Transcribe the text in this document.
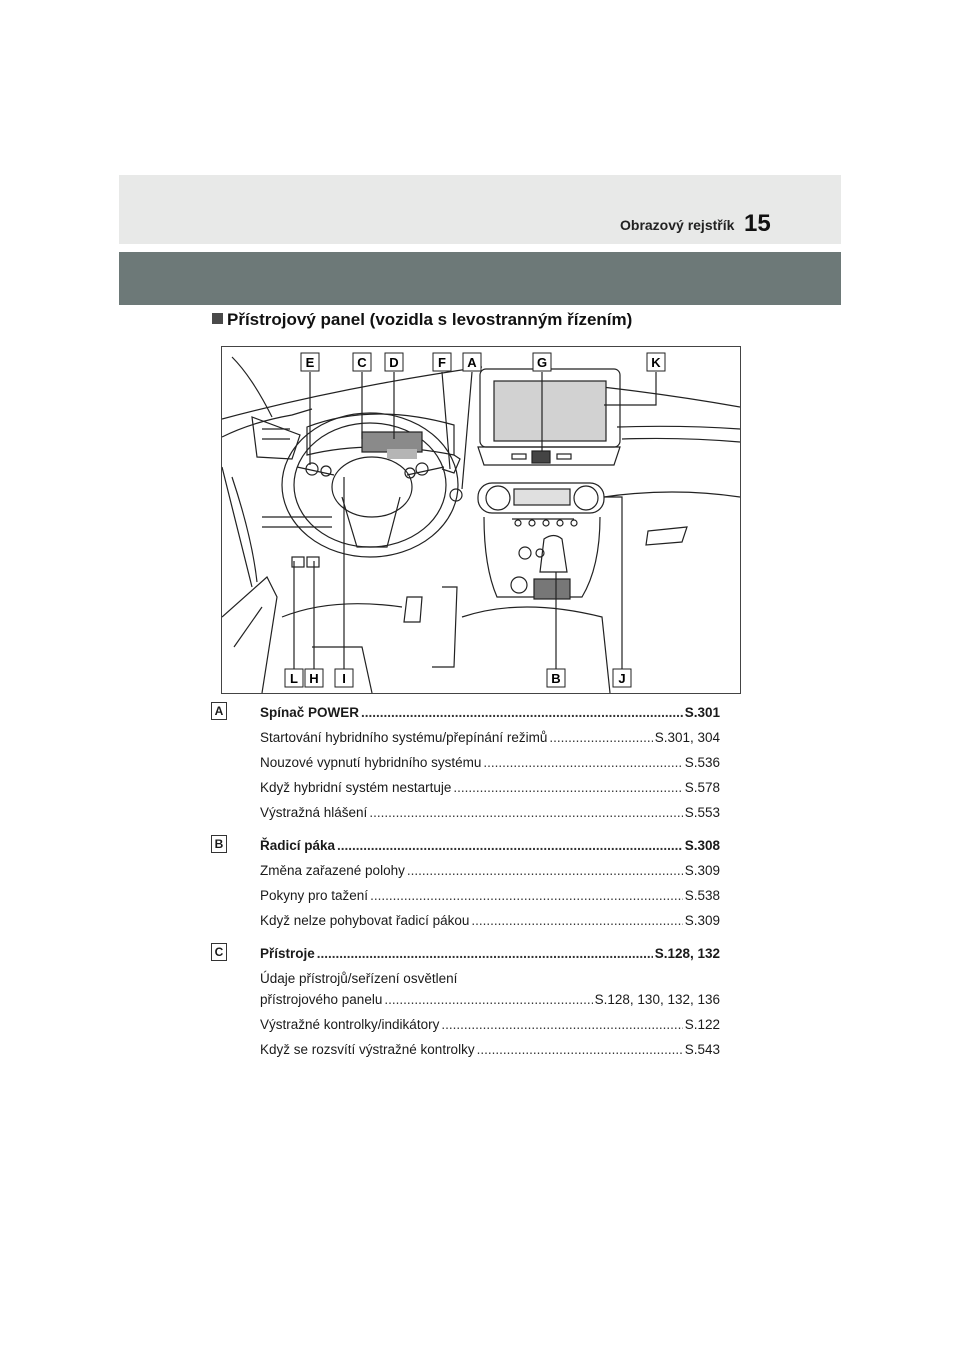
Obrazový rejstřík 15
Přístrojový panel (vozidla s levostranným řízením)
E	C D	F A	G	K
L H I	B	J
A	Spínač POWER .....	S.301
Startování hybridního systému/přepínání režimů .....	S.301, 304
Nouzové vypnutí hybridního systému .....	S.536
Když hybridní systém nestartuje .....	S.578
Výstražná hlášení .....	S.553
B	Řadicí páka .....	S.308
Změna zařazené polohy .....	S.309
Pokyny pro tažení .....	S.538
Když nelze pohybovat řadicí pákou .....	S.309
C	Přístroje .....	S.128, 132
Údaje přístrojů/seřízení osvětlení
přístrojového panelu .....	S.128, 130, 132, 136
Výstražné kontrolky/indikátory .....	S.122
Když se rozsvítí výstražné kontrolky .....	S.543
